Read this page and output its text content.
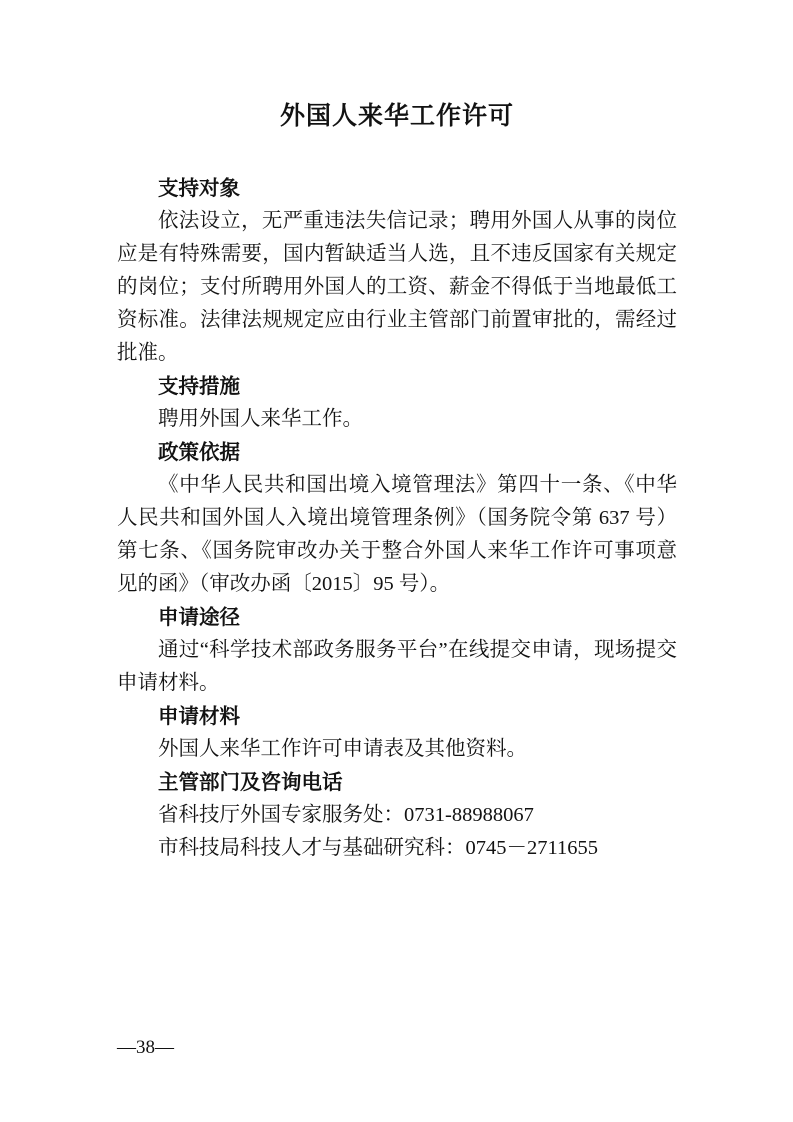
外国人来华工作许可
支持对象

依法设立，无严重违法失信记录；聘用外国人从事的岗位应是有特殊需要，国内暂缺适当人选，且不违反国家有关规定的岗位；支付所聘用外国人的工资、薪金不得低于当地最低工资标准。法律法规规定应由行业主管部门前置审批的，需经过批准。

支持措施

聘用外国人来华工作。

政策依据

《中华人民共和国出境入境管理法》第四十一条、《中华人民共和国外国人入境出境管理条例》（国务院令第 637 号）第七条、《国务院审改办关于整合外国人来华工作许可事项意见的函》（审改办函〔2015〕95 号）。

申请途径

通过“科学技术部政务服务平台”在线提交申请，现场提交申请材料。

申请材料

外国人来华工作许可申请表及其他资料。

主管部门及咨询电话

省科技厅外国专家服务处：0731-88988067

市科技局科技人才与基础研究科：0745－2711655

—38—
